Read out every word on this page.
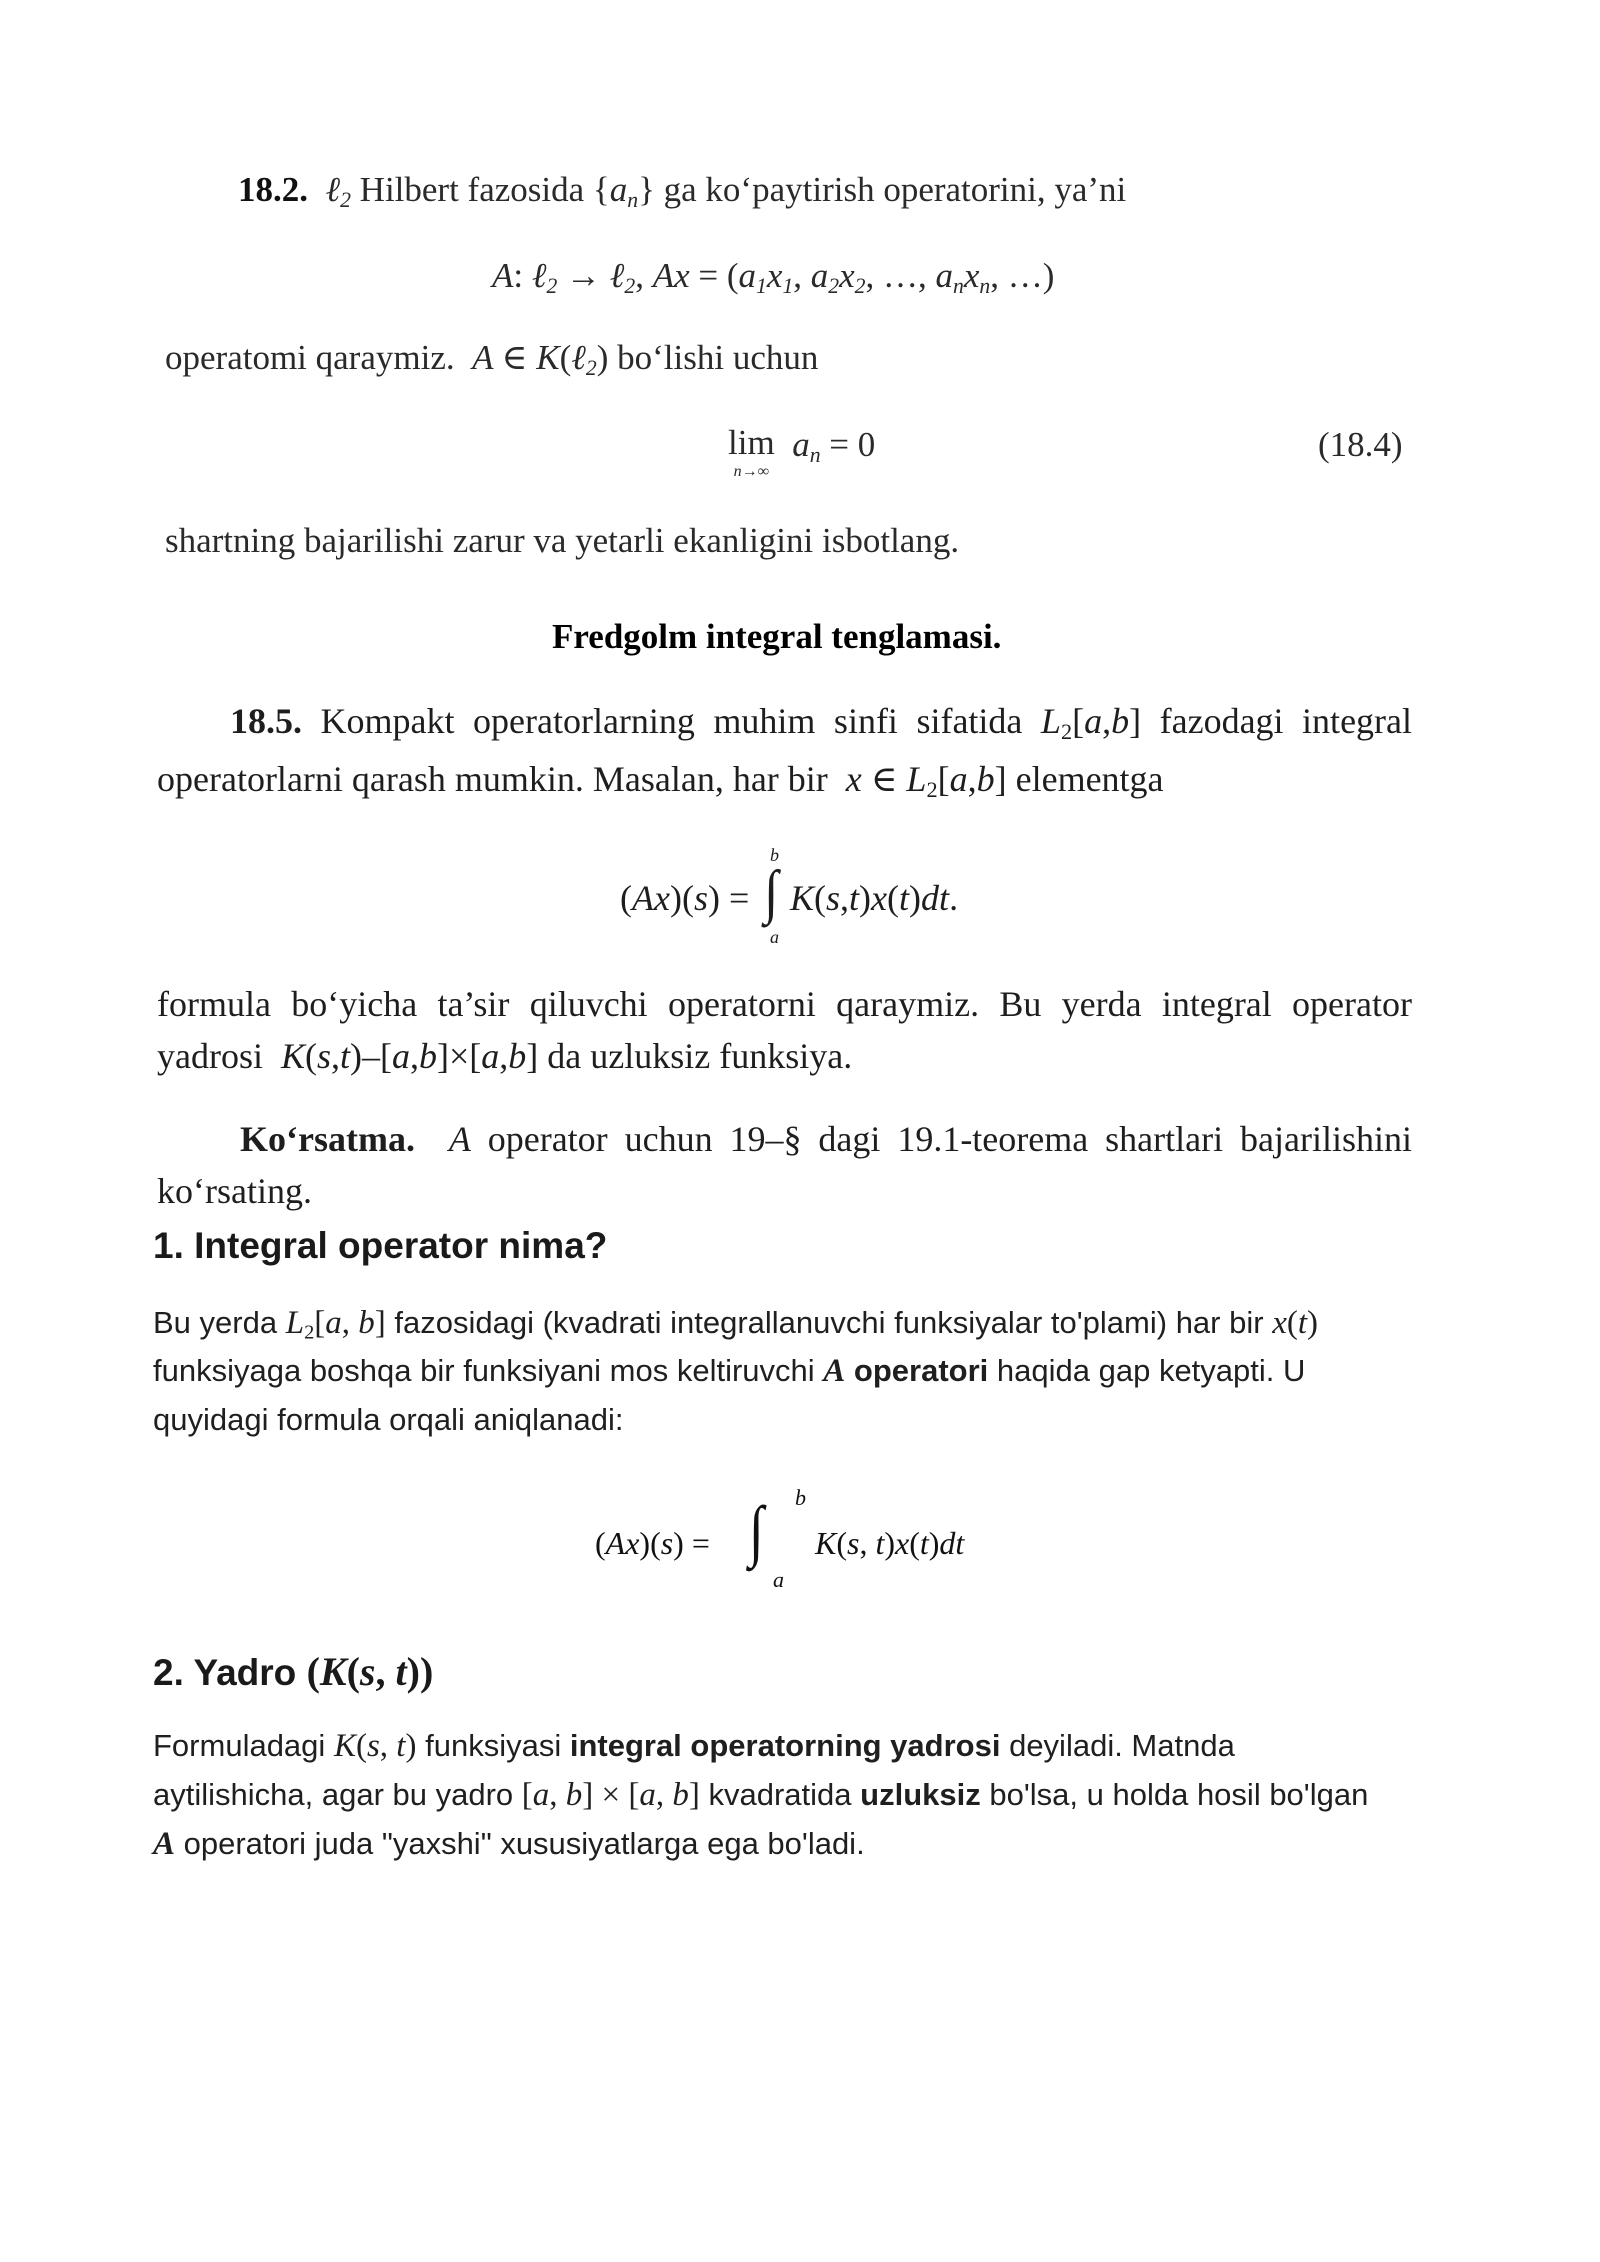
18.2.  ℓ$_2$ Hilbert fazosida $\{a_n\}$ ga ko‘paytirish operatorini, ya’ni
A: ℓ$_2$ → ℓ$_2$, $Ax = (a_1x_1$, $a_2x_2$, …, $a_nx_n$, …)
operatomi qaraymiz.  A ∈ K(ℓ$_2$) bo‘lishi uchun
lim
n→∞
$a_n = 0$	(18.4)
shartning bajarilishi zarur va yetarli ekanligini isbotlang.
Fredgolm integral tenglamasi.
18.5. Kompakt operatorlarning muhim sinfi sifatida $L_2[a,b]$ fazodagi integral
operatorlarni qarash mumkin. Masalan, har bir  x ∈ $L_2[a,b]$ elementga
(Ax)(s) =
b
∫
a
K(s,t)x(t)dt.
formula bo‘yicha ta’sir qiluvchi operatorni qaraymiz. Bu yerda integral operator
yadrosi  K(s,t)–[a,b]×[a,b] da uzluksiz funksiya.
Ko‘rsatma.  A operator uchun 19–§ dagi 19.1-teorema shartlari bajarilishini
ko‘rsating.
1. Integral operator nima?
Bu yerda $L_2[a$, b] fazosidagi (kvadrati integrallanuvchi funksiyalar to'plami) har bir x(t)
funksiyaga boshqa bir funksiyani mos keltiruvchi A operatori haqida gap ketyapti. U
quyidagi formula orqali aniqlanadi:
(Ax)(s) = ∫ b
a
K(s, t)x(t)dt
2. Yadro (K(s, t))
Formuladagi K(s, t) funksiyasi integral operatorning yadrosi deyiladi. Matnda
aytilishicha, agar bu yadro [a, b] × [a, b] kvadratida uzluksiz bo'lsa, u holda hosil bo'lgan
A operatori juda "yaxshi" xususiyatlarga ega bo'ladi.
